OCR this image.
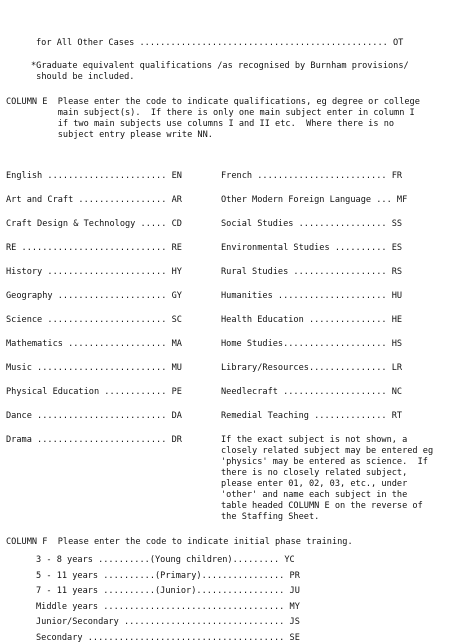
for All Other Cases ................................................ OT
*Graduate equivalent qualifications /as recognised by Burnham provisions/
should be included.
COLUMN E  Please enter the code to indicate qualifications, eg degree or college
main subject(s).  If there is only one main subject enter in column I
if two main subjects use columns I and II etc.  Where there is no
subject entry please write NN.
English ....................... EN
Art and Craft ................. AR
Craft Design & Technology ..... CD
RE ............................ RE
History ....................... HY
Geography ..................... GY
Science ....................... SC
Mathematics ................... MA
Music ......................... MU
Physical Education ............ PE
Dance ......................... DA
Drama ......................... DR
French ......................... FR
Other Modern Foreign Language ... MF
Social Studies ................. SS
Environmental Studies .......... ES
Rural Studies .................. RS
Humanities ..................... HU
Health Education ............... HE
Home Studies.................... HS
Library/Resources............... LR
Needlecraft .................... NC
Remedial Teaching .............. RT
If the exact subject is not shown, a
closely related subject may be entered eg
'physics' may be entered as science.  If
there is no closely related subject,
please enter 01, 02, 03, etc., under
'other' and name each subject in the
table headed COLUMN E on the reverse of
the Staffing Sheet.
COLUMN F  Please enter the code to indicate initial phase training.
3 - 8 years ..........(Young children)......... YC
5 - 11 years ..........(Primary)................ PR
7 - 11 years ..........(Junior)................. JU
Middle years ................................... MY
Junior/Secondary ............................... JS
Secondary ...................................... SE
